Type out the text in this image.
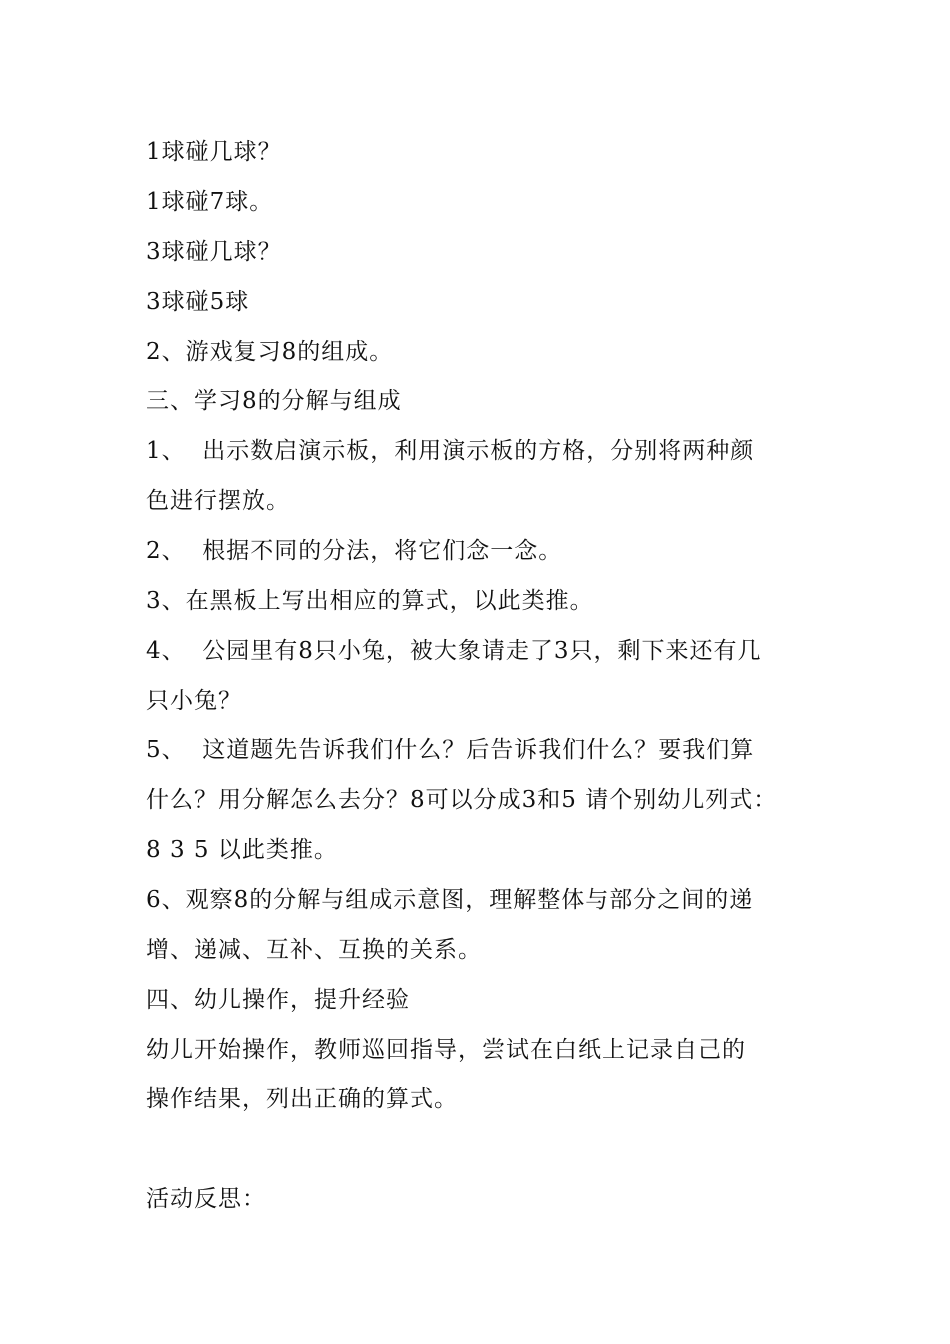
1球碰几球？
1球碰7球。
3球碰几球？
3球碰5球
2、游戏复习8的组成。
三、学习8的分解与组成
1、  出示数启演示板，利用演示板的方格，分别将两种颜
色进行摆放。
2、  根据不同的分法，将它们念一念。
3、在黑板上写出相应的算式，以此类推。
4、  公园里有8只小兔，被大象请走了3只，剩下来还有几
只小兔？
5、  这道题先告诉我们什么？后告诉我们什么？要我们算
什么？用分解怎么去分？8可以分成3和5 请个别幼儿列式：
8 3 5 以此类推。
6、观察8的分解与组成示意图，理解整体与部分之间的递
增、递减、互补、互换的关系。
四、幼儿操作，提升经验
幼儿开始操作，教师巡回指导，尝试在白纸上记录自己的
操作结果，列出正确的算式。
活动反思：
